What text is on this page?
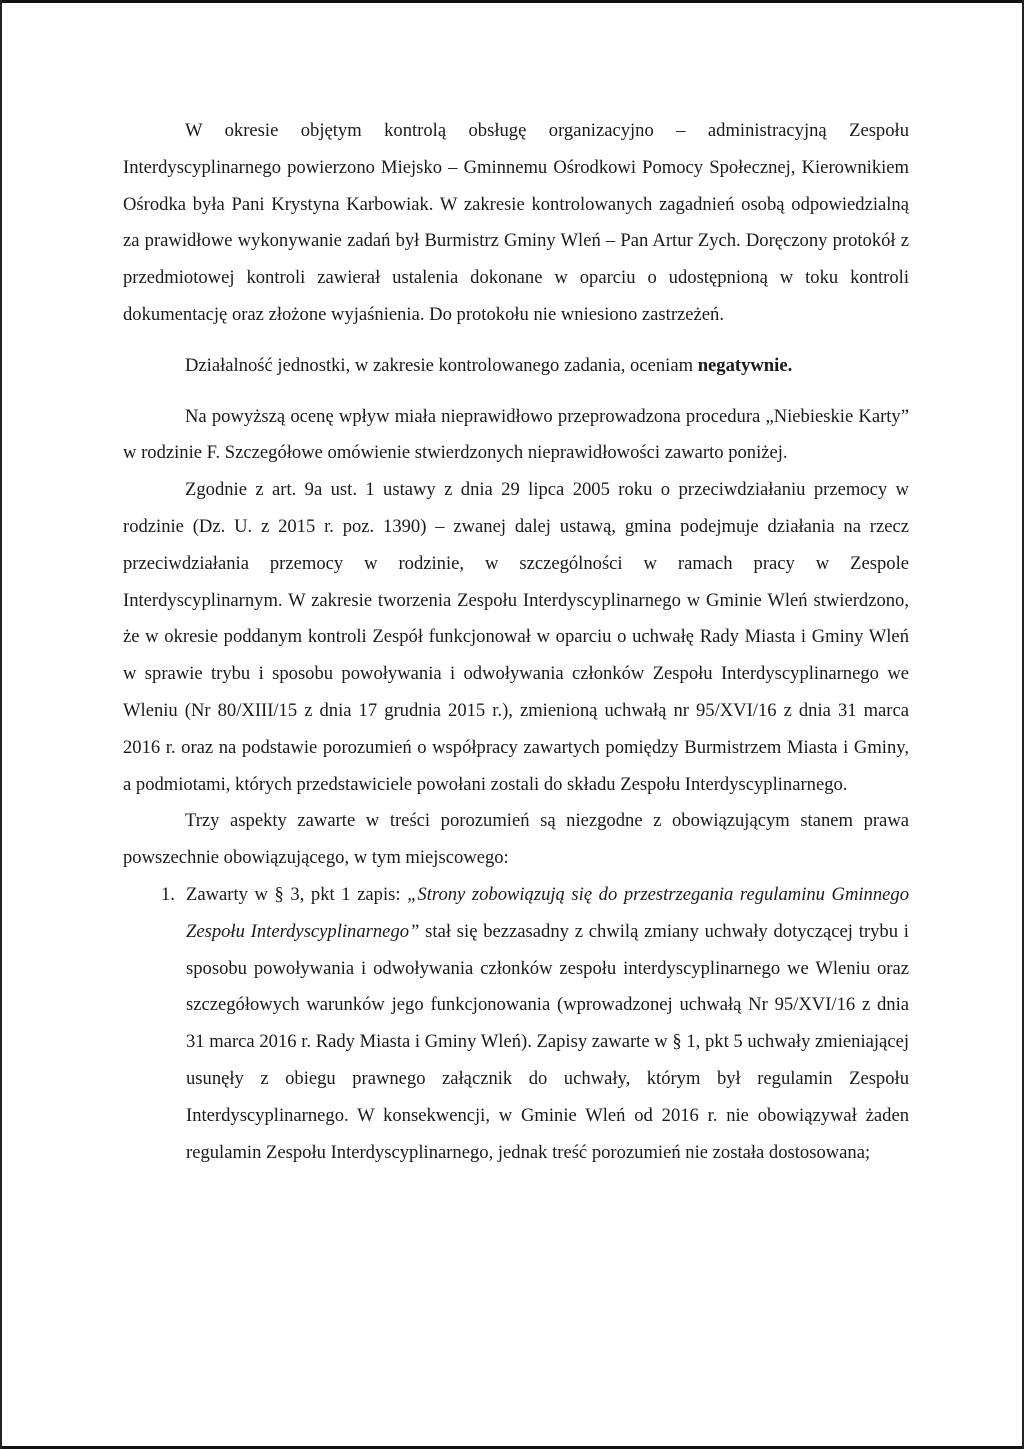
W okresie objętym kontrolą obsługę organizacyjno – administracyjną Zespołu Interdyscyplinarnego powierzono Miejsko – Gminnemu Ośrodkowi Pomocy Społecznej, Kierownikiem Ośrodka była Pani Krystyna Karbowiak. W zakresie kontrolowanych zagadnień osobą odpowiedzialną za prawidłowe wykonywanie zadań był Burmistrz Gminy Wleń – Pan Artur Zych. Doręczony protokół z przedmiotowej kontroli zawierał ustalenia dokonane w oparciu o udostępnioną w toku kontroli dokumentację oraz złożone wyjaśnienia. Do protokołu nie wniesiono zastrzeżeń.

Działalność jednostki, w zakresie kontrolowanego zadania, oceniam negatywnie.

Na powyższą ocenę wpływ miała nieprawidłowo przeprowadzona procedura „Niebieskie Karty” w rodzinie F. Szczegółowe omówienie stwierdzonych nieprawidłowości zawarto poniżej.

Zgodnie z art. 9a ust. 1 ustawy z dnia 29 lipca 2005 roku o przeciwdziałaniu przemocy w rodzinie (Dz. U. z 2015 r. poz. 1390) – zwanej dalej ustawą, gmina podejmuje działania na rzecz przeciwdziałania przemocy w rodzinie, w szczególności w ramach pracy w Zespole Interdyscyplinarnym. W zakresie tworzenia Zespołu Interdyscyplinarnego w Gminie Wleń stwierdzono, że w okresie poddanym kontroli Zespół funkcjonował w oparciu o uchwałę Rady Miasta i Gminy Wleń w sprawie trybu i sposobu powoływania i odwoływania członków Zespołu Interdyscyplinarnego we Wleniu (Nr 80/XIII/15 z dnia 17 grudnia 2015 r.), zmienioną uchwałą nr 95/XVI/16 z dnia 31 marca 2016 r. oraz na podstawie porozumień o współpracy zawartych pomiędzy Burmistrzem Miasta i Gminy, a podmiotami, których przedstawiciele powołani zostali do składu Zespołu Interdyscyplinarnego.

Trzy aspekty zawarte w treści porozumień są niezgodne z obowiązującym stanem prawa powszechnie obowiązującego, w tym miejscowego:

1. Zawarty w § 3, pkt 1 zapis: „Strony zobowiązują się do przestrzegania regulaminu Gminnego Zespołu Interdyscyplinarnego” stał się bezzasadny z chwilą zmiany uchwały dotyczącej trybu i sposobu powoływania i odwoływania członków zespołu interdyscyplinarnego we Wleniu oraz szczegółowych warunków jego funkcjonowania (wprowadzonej uchwałą Nr 95/XVI/16 z dnia 31 marca 2016 r. Rady Miasta i Gminy Wleń). Zapisy zawarte w § 1, pkt 5 uchwały zmieniającej usunęły z obiegu prawnego załącznik do uchwały, którym był regulamin Zespołu Interdyscyplinarnego. W konsekwencji, w Gminie Wleń od 2016 r. nie obowiązywał żaden regulamin Zespołu Interdyscyplinarnego, jednak treść porozumień nie została dostosowana;
